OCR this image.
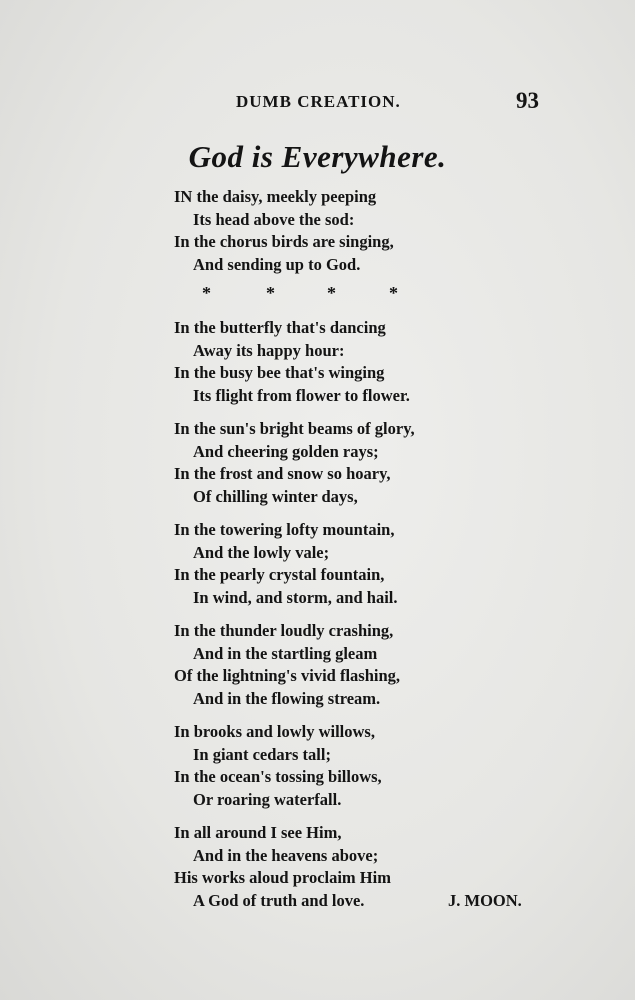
DUMB CREATION.	93
God is Everywhere.
IN the daisy, meekly peeping
Its head above the sod:
In the chorus birds are singing,
And sending up to God.
*	*	*	*
In the butterfly that's dancing
Away its happy hour:
In the busy bee that's winging
Its flight from flower to flower.
In the sun's bright beams of glory,
And cheering golden rays;
In the frost and snow so hoary,
Of chilling winter days,
In the towering lofty mountain,
And the lowly vale;
In the pearly crystal fountain,
In wind, and storm, and hail.
In the thunder loudly crashing,
And in the startling gleam
Of the lightning's vivid flashing,
And in the flowing stream.
In brooks and lowly willows,
In giant cedars tall;
In the ocean's tossing billows,
Or roaring waterfall.
In all around I see Him,
And in the heavens above;
His works aloud proclaim Him
A God of truth and love.	J. MOON.
